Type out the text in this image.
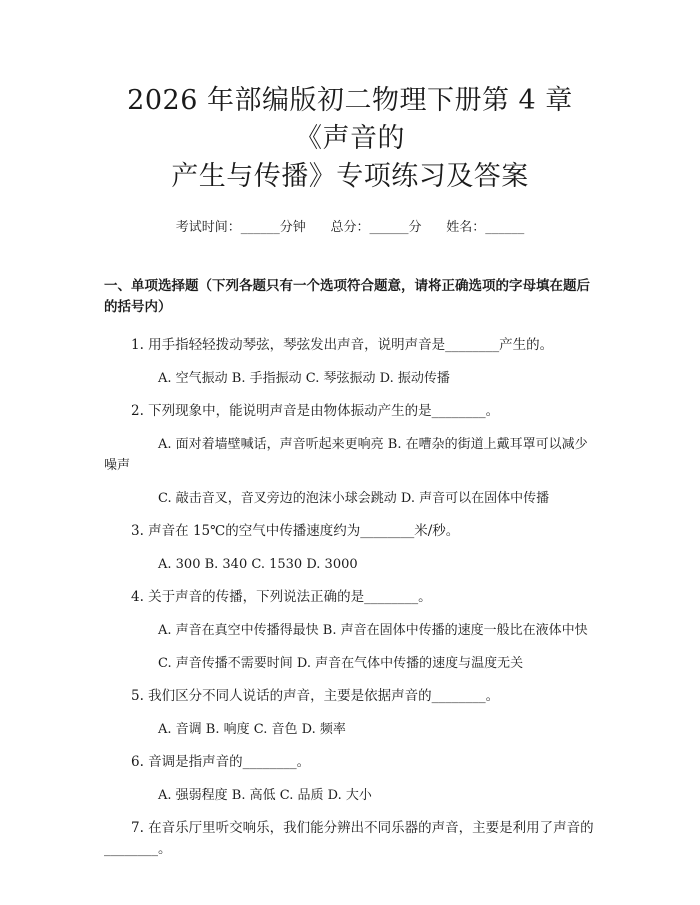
2026 年部编版初二物理下册第 4 章《声音的
产生与传播》专项练习及答案
考试时间：______分钟      总分：______分      姓名：______
一、单项选择题（下列各题只有一个选项符合题意，请将正确选项的字母填在题后的括号内）

1. 用手指轻轻拨动琴弦，琴弦发出声音，说明声音是________产生的。

A. 空气振动 B. 手指振动 C. 琴弦振动 D. 振动传播

2. 下列现象中，能说明声音是由物体振动产生的是________。

A. 面对着墙壁喊话，声音听起来更响亮 B. 在嘈杂的街道上戴耳罩可以减少噪声

C. 敲击音叉，音叉旁边的泡沫小球会跳动 D. 声音可以在固体中传播

3. 声音在 15℃的空气中传播速度约为________米/秒。

A. 300 B. 340 C. 1530 D. 3000

4. 关于声音的传播，下列说法正确的是________。

A. 声音在真空中传播得最快 B. 声音在固体中传播的速度一般比在液体中快

C. 声音传播不需要时间 D. 声音在气体中传播的速度与温度无关

5. 我们区分不同人说话的声音，主要是依据声音的________。

A. 音调 B. 响度 C. 音色 D. 频率

6. 音调是指声音的________。

A. 强弱程度 B. 高低 C. 品质 D. 大小

7. 在音乐厅里听交响乐，我们能分辨出不同乐器的声音，主要是利用了声音的________。
